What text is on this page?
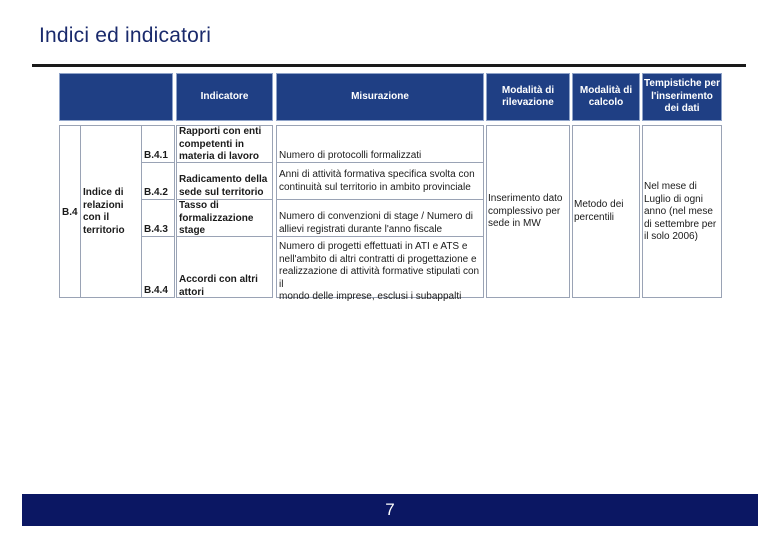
Indici ed indicatori
Indicatore	Misurazione
Modalità di
rilevazione
Modalità di
calcolo
Tempistiche per
l'inserimento
dei dati
B.4
Indice di
relazioni
con il
territorio
B.4.1
B.4.2
B.4.3
B.4.4
Rapporti con enti
competenti in
materia di lavoro
Radicamento della
sede sul territorio
Tasso di
formalizzazione
stage
Accordi con altri
attori
Numero di protocolli formalizzati
Anni di attività formativa specifica svolta con
continuità sul territorio in ambito provinciale
Numero di convenzioni di stage / Numero di
allievi registrati durante l'anno fiscale
Numero di progetti effettuati in ATI e ATS e
nell'ambito di altri contratti di progettazione e
realizzazione di attività formative stipulati con il
mondo delle imprese, esclusi i subappalti
Inserimento dato
complessivo per
sede in MW
Metodo dei
percentili
Nel mese di
Luglio di ogni
anno (nel mese
di settembre per
il solo 2006)
7
